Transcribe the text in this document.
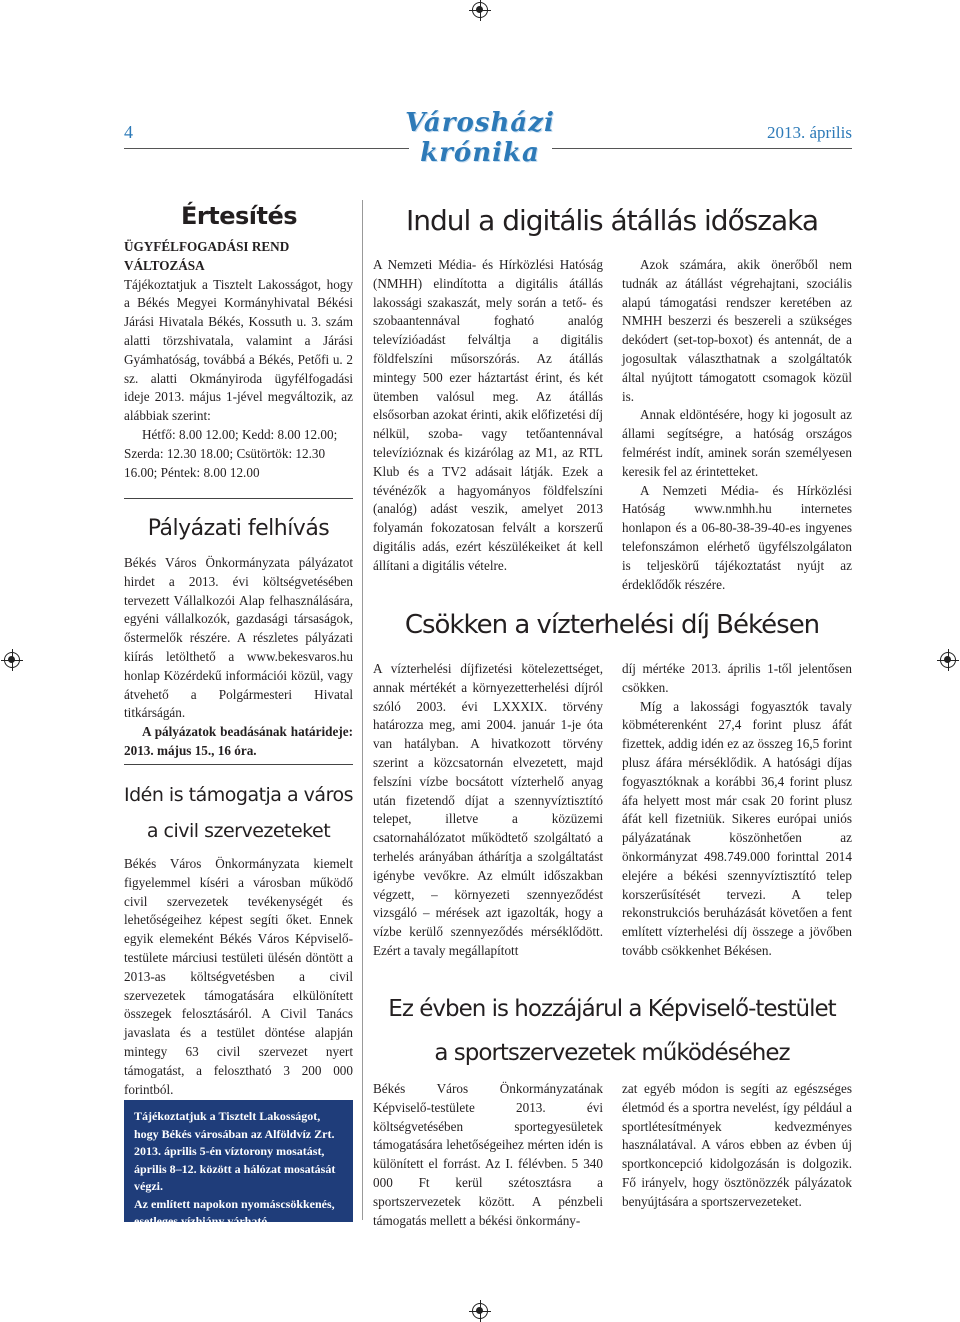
4	Városházi
krónika
2013. április
Értesítés

ÜGYFÉLFOGADÁSI REND VÁLTOZÁSA

Tájékoztatjuk a Tisztelt Lakosságot, hogy a Békés Megyei Kormányhivatal Békési Járási Hivatala Békés, Kossuth u. 3. szám alatti törzshivatala, valamint a Járási Gyámhatóság, továbbá a Békés, Petőfi u. 2 sz. alatti Okmányiroda ügyfélfogadási ideje 2013. május 1-jével megváltozik, az alábbiak szerint:

Hétfő: 8.00 12.00; Kedd: 8.00 12.00; Szerda: 12.30 18.00; Csütörtök: 12.30 16.00; Péntek: 8.00 12.00

Pályázati felhívás

Békés Város Önkormányzata pályázatot hirdet a 2013. évi költségvetésében tervezett Vállalkozói Alap felhasználására, egyéni vállalkozók, gazdasági társaságok, őstermelők részére. A részletes pályázati kiírás letölthető a www.bekesvaros.hu honlap Közérdekű információi közül, vagy átvehető a Polgármesteri Hivatal titkárságán.

A pályázatok beadásának határideje: 2013. május 15., 16 óra.

Idén is támogatja a város
a civil szervezeteket

Békés Város Önkormányzata kiemelt figyelemmel kíséri a városban működő civil szervezetek tevékenységét és lehetőségeihez képest segíti őket. Ennek egyik elemeként Békés Város Képviselő-testülete márciusi testületi ülésén döntött a 2013-as költségvetésben a civil szervezetek támogatására elkülönített összegek felosztásáról. A Civil Tanács javaslata és a testület döntése alapján mintegy 63 civil szervezet nyert támogatást, a felosztható 3 200 000 forintból.

Tájékoztatjuk a Tisztelt Lakosságot, hogy Békés városában az Alföldvíz Zrt. 2013. április 5-én víztorony mosatást, április 8–12. között a hálózat mosatását végzi.

Az említett napokon nyomáscsökkenés, esetleges vízhiány várható.

Indul a digitális átállás időszaka

A Nemzeti Média- és Hírközlési Hatóság (NMHH) elindította a digitális átállás lakossági szakaszát, mely során a tető- és szobaantennával fogható analóg televízióadást felváltja a digitális földfelszíni műsorszórás. Az átállás mintegy 500 ezer háztartást érint, és két ütemben valósul meg. Az átállás elsősorban azokat érinti, akik előfizetési díj nélkül, szoba- vagy tetőantennával televízióznak és kizárólag az M1, az RTL Klub és a TV2 adásait látják. Ezek a tévénézők a hagyományos földfelszíni (analóg) adást veszik, amelyet 2013 folyamán fokozatosan felvált a korszerű digitális adás, ezért készülékeiket át kell állítani a digitális vételre.

Azok számára, akik önerőből nem tudnák az átállást végrehajtani, szociális alapú támogatási rendszer keretében az NMHH beszerzi és beszereli a szükséges dekódert (set-top-boxot) és antennát, de a jogosultak választhatnak a szolgáltatók által nyújtott támogatott csomagok közül is.

Annak eldöntésére, hogy ki jogosult az állami segítségre, a hatóság országos felmérést indít, aminek során személyesen keresik fel az érintetteket.

A Nemzeti Média- és Hírközlési Hatóság www.nmhh.hu internetes honlapon és a 06-80-38-39-40-es ingyenes telefonszámon elérhető ügyfélszolgálaton is teljeskörű tájékoztatást nyújt az érdeklődők részére.

Csökken a vízterhelési díj Békésen

A vízterhelési díjfizetési kötelezettséget, annak mértékét a környezetterhelési díjról szóló 2003. évi LXXXIX. törvény határozza meg, ami 2004. január 1-je óta van hatályban. A hivatkozott törvény szerint a közcsatornán elvezetett, majd felszíni vízbe bocsátott vízterhelő anyag után fizetendő díjat a szennyvíztisztító telepet, illetve a közüzemi csatornahálózatot működtető szolgáltató a terhelés arányában áthárítja a szolgáltatást igénybe vevőkre. Az elmúlt időszakban végzett, – környezeti szennyeződést vizsgáló – mérések azt igazolták, hogy a vízbe kerülő szennyeződés mérséklődött. Ezért a tavaly megállapított

díj mértéke 2013. április 1-től jelentősen csökken.

Míg a lakossági fogyasztók tavaly köbméterenként 27,4 forint plusz áfát fizettek, addig idén ez az összeg 16,5 forint plusz áfára mérséklődik. A hatósági díjas fogyasztóknak a korábbi 36,4 forint plusz áfa helyett most már csak 20 forint plusz áfát kell fizetniük. Sikeres európai uniós pályázatának köszönhetően az önkormányzat 498.749.000 forinttal 2014 elejére a békési szennyvíztisztító telep korszerűsítését tervezi. A telep rekonstrukciós beruházását követően a fent említett vízterhelési díj összege a jövőben tovább csökkenhet Békésen.

Ez évben is hozzájárul a Képviselő-testület
a sportszervezetek működéséhez

Békés Város Önkormányzatának Képviselő-testülete 2013. évi költségvetésében sportegyesületek támogatására lehetőségeihez mérten idén is különített el forrást. Az I. félévben. 5 340 000 Ft kerül szétosztásra a sportszervezetek között. A pénzbeli támogatás mellett a békési önkormány-

zat egyéb módon is segíti az egészséges életmód és a sportra nevelést, így például a sportlétesítmények kedvezményes használatával. A város ebben az évben új sportkoncepció kidolgozásán is dolgozik. Fő irányelv, hogy ösztönözzék pályázatok benyújtására a sportszervezeteket.
